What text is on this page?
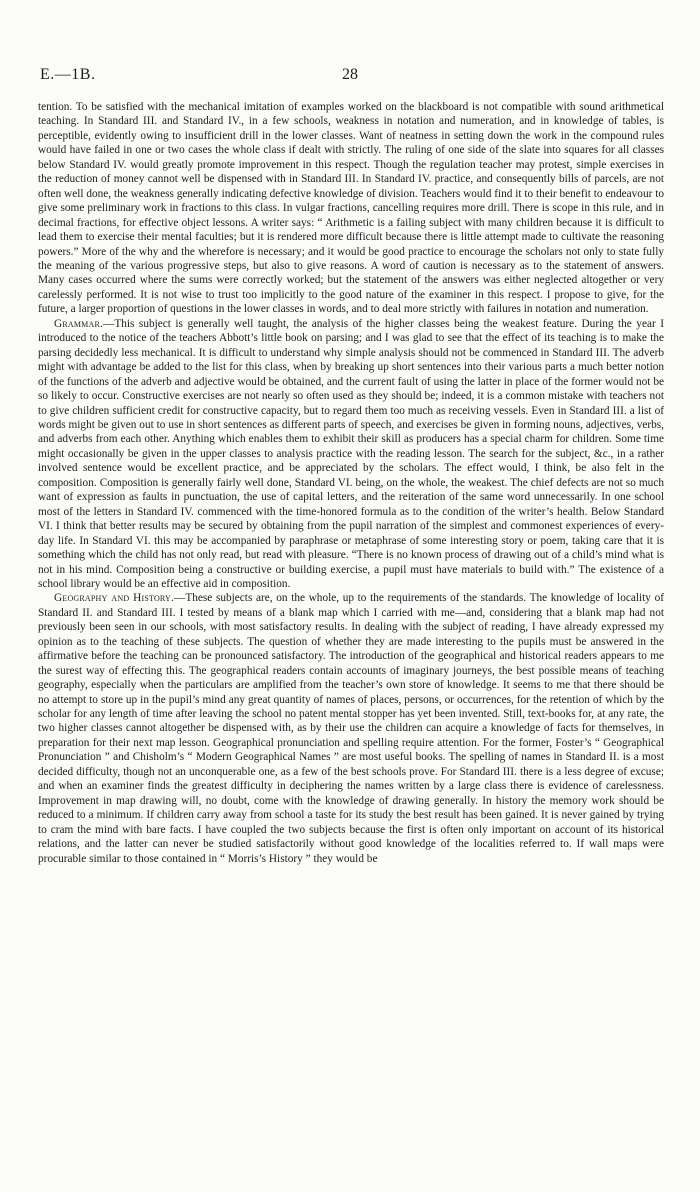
E.—1B.	28

tention. To be satisfied with the mechanical imitation of examples worked on the blackboard is not compatible with sound arithmetical teaching. In Standard III. and Standard IV., in a few schools, weakness in notation and numeration, and in knowledge of tables, is perceptible, evidently owing to insufficient drill in the lower classes. Want of neatness in setting down the work in the compound rules would have failed in one or two cases the whole class if dealt with strictly. The ruling of one side of the slate into squares for all classes below Standard IV. would greatly promote improvement in this respect. Though the regulation teacher may protest, simple exercises in the reduction of money cannot well be dispensed with in Standard III. In Standard IV. practice, and consequently bills of parcels, are not often well done, the weakness generally indicating defective knowledge of division. Teachers would find it to their benefit to endeavour to give some preliminary work in fractions to this class. In vulgar fractions, cancelling requires more drill. There is scope in this rule, and in decimal fractions, for effective object lessons. A writer says: “ Arithmetic is a failing subject with many children because it is difficult to lead them to exercise their mental faculties; but it is rendered more difficult because there is little attempt made to cultivate the reasoning powers.” More of the why and the wherefore is necessary; and it would be good practice to encourage the scholars not only to state fully the meaning of the various progressive steps, but also to give reasons. A word of caution is necessary as to the statement of answers. Many cases occurred where the sums were correctly worked; but the statement of the answers was either neglected altogether or very carelessly performed. It is not wise to trust too implicitly to the good nature of the examiner in this respect. I propose to give, for the future, a larger proportion of questions in the lower classes in words, and to deal more strictly with failures in notation and numeration.

Grammar.—This subject is generally well taught, the analysis of the higher classes being the weakest feature. During the year I introduced to the notice of the teachers Abbott’s little book on parsing; and I was glad to see that the effect of its teaching is to make the parsing decidedly less mechanical. It is difficult to understand why simple analysis should not be commenced in Standard III. The adverb might with advantage be added to the list for this class, when by breaking up short sentences into their various parts a much better notion of the functions of the adverb and adjective would be obtained, and the current fault of using the latter in place of the former would not be so likely to occur. Constructive exercises are not nearly so often used as they should be; indeed, it is a common mistake with teachers not to give children sufficient credit for constructive capacity, but to regard them too much as receiving vessels. Even in Standard III. a list of words might be given out to use in short sentences as different parts of speech, and exercises be given in forming nouns, adjectives, verbs, and adverbs from each other. Anything which enables them to exhibit their skill as producers has a special charm for children. Some time might occasionally be given in the upper classes to analysis practice with the reading lesson. The search for the subject, &c., in a rather involved sentence would be excellent practice, and be appreciated by the scholars. The effect would, I think, be also felt in the composition. Composition is generally fairly well done, Standard VI. being, on the whole, the weakest. The chief defects are not so much want of expression as faults in punctuation, the use of capital letters, and the reiteration of the same word unnecessarily. In one school most of the letters in Standard IV. commenced with the time-honored formula as to the condition of the writer’s health. Below Standard VI. I think that better results may be secured by obtaining from the pupil narration of the simplest and commonest experiences of every-day life. In Standard VI. this may be accompanied by paraphrase or metaphrase of some interesting story or poem, taking care that it is something which the child has not only read, but read with pleasure. “There is no known process of drawing out of a child’s mind what is not in his mind. Composition being a constructive or building exercise, a pupil must have materials to build with.” The existence of a school library would be an effective aid in composition.

Geography and History.—These subjects are, on the whole, up to the requirements of the standards. The knowledge of locality of Standard II. and Standard III. I tested by means of a blank map which I carried with me—and, considering that a blank map had not previously been seen in our schools, with most satisfactory results. In dealing with the subject of reading, I have already expressed my opinion as to the teaching of these subjects. The question of whether they are made interesting to the pupils must be answered in the affirmative before the teaching can be pronounced satisfactory. The introduction of the geographical and historical readers appears to me the surest way of effecting this. The geographical readers contain accounts of imaginary journeys, the best possible means of teaching geography, especially when the particulars are amplified from the teacher’s own store of knowledge. It seems to me that there should be no attempt to store up in the pupil’s mind any great quantity of names of places, persons, or occurrences, for the retention of which by the scholar for any length of time after leaving the school no patent mental stopper has yet been invented. Still, text-books for, at any rate, the two higher classes cannot altogether be dispensed with, as by their use the children can acquire a knowledge of facts for themselves, in preparation for their next map lesson. Geographical pronunciation and spelling require attention. For the former, Foster’s “ Geographical Pronunciation ” and Chisholm’s “ Modern Geographical Names ” are most useful books. The spelling of names in Standard II. is a most decided difficulty, though not an unconquerable one, as a few of the best schools prove. For Standard III. there is a less degree of excuse; and when an examiner finds the greatest difficulty in deciphering the names written by a large class there is evidence of carelessness. Improvement in map drawing will, no doubt, come with the knowledge of drawing generally. In history the memory work should be reduced to a minimum. If children carry away from school a taste for its study the best result has been gained. It is never gained by trying to cram the mind with bare facts. I have coupled the two subjects because the first is often only important on account of its historical relations, and the latter can never be studied satisfactorily without good knowledge of the localities referred to. If wall maps were procurable similar to those contained in “ Morris’s History ” they would be
